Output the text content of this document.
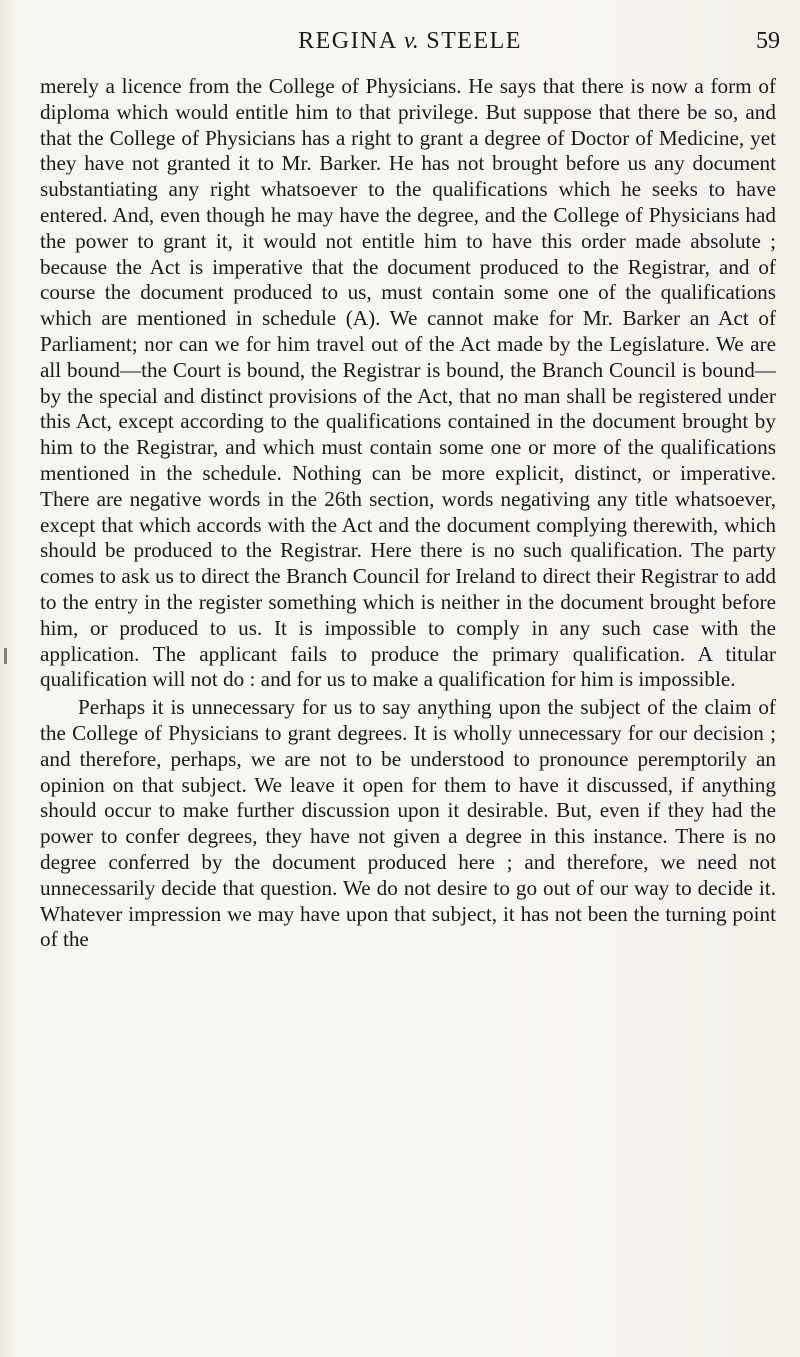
REGINA v. STEELE	59

merely a licence from the College of Physicians. He says that there is now a form of diploma which would entitle him to that privilege. But suppose that there be so, and that the College of Physicians has a right to grant a degree of Doctor of Medicine, yet they have not granted it to Mr. Barker. He has not brought before us any document substantiating any right whatsoever to the qualifications which he seeks to have entered. And, even though he may have the degree, and the College of Physicians had the power to grant it, it would not entitle him to have this order made absolute ; because the Act is imperative that the document produced to the Registrar, and of course the document produced to us, must contain some one of the qualifications which are mentioned in schedule (A). We cannot make for Mr. Barker an Act of Parliament; nor can we for him travel out of the Act made by the Legislature. We are all bound—the Court is bound, the Registrar is bound, the Branch Council is bound—by the special and distinct provisions of the Act, that no man shall be registered under this Act, except according to the qualifications contained in the document brought by him to the Registrar, and which must contain some one or more of the qualifications mentioned in the schedule. Nothing can be more explicit, distinct, or imperative. There are negative words in the 26th section, words negativing any title whatsoever, except that which accords with the Act and the document complying therewith, which should be produced to the Registrar. Here there is no such qualification. The party comes to ask us to direct the Branch Council for Ireland to direct their Registrar to add to the entry in the register something which is neither in the document brought before him, or produced to us. It is impossible to comply in any such case with the application. The applicant fails to produce the primary qualification. A titular qualification will not do : and for us to make a qualification for him is impossible.

Perhaps it is unnecessary for us to say anything upon the subject of the claim of the College of Physicians to grant degrees. It is wholly unnecessary for our decision ; and therefore, perhaps, we are not to be understood to pronounce peremptorily an opinion on that subject. We leave it open for them to have it discussed, if anything should occur to make further discussion upon it desirable. But, even if they had the power to confer degrees, they have not given a degree in this instance. There is no degree conferred by the document produced here ; and therefore, we need not unnecessarily decide that question. We do not desire to go out of our way to decide it. Whatever impression we may have upon that subject, it has not been the turning point of the
